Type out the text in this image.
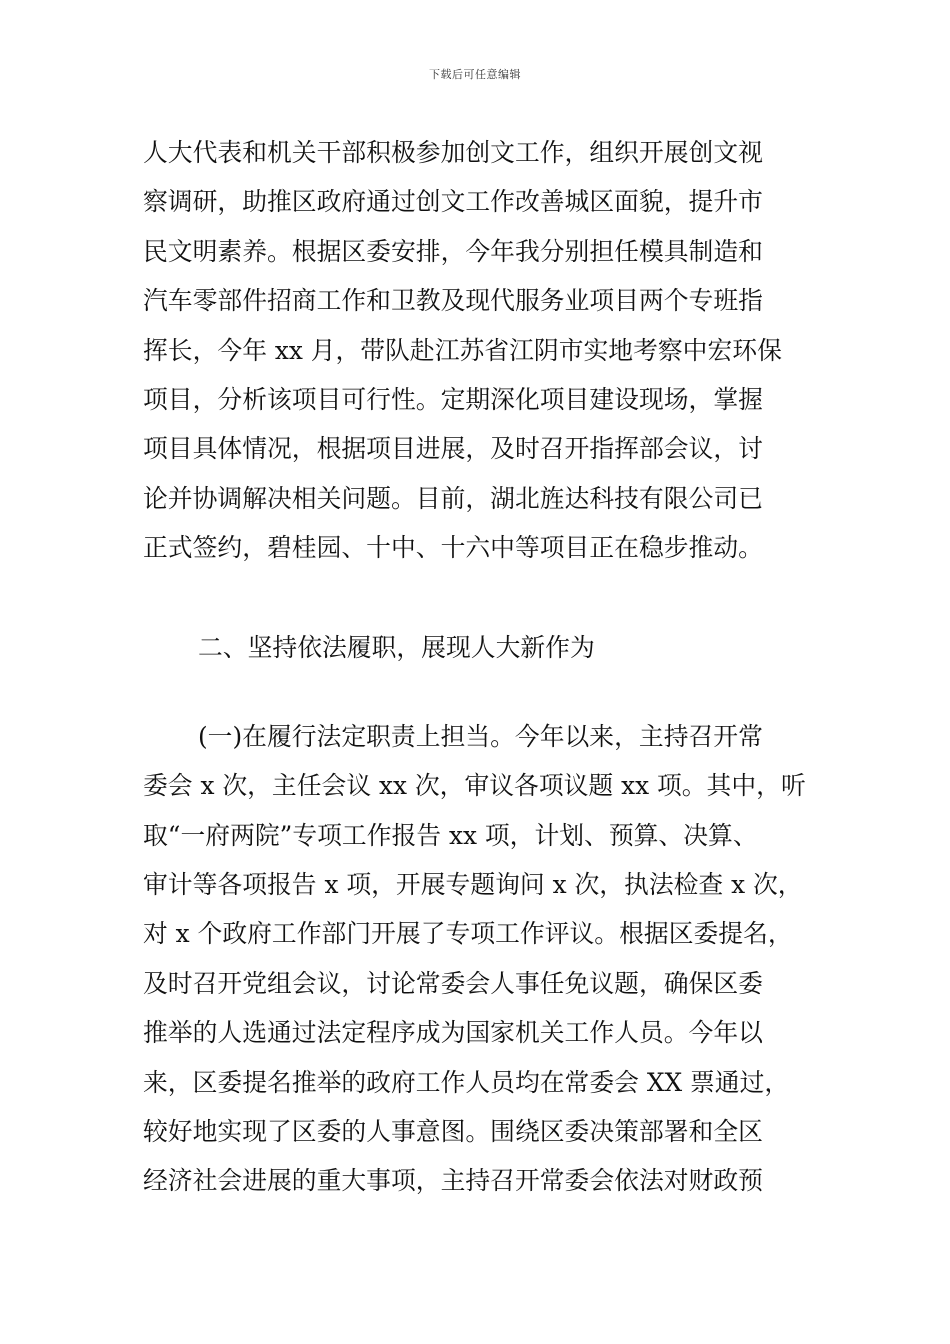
下载后可任意编辑
人大代表和机关干部积极参加创文工作，组织开展创文视
察调研，助推区政府通过创文工作改善城区面貌，提升市
民文明素养。根据区委安排，今年我分别担任模具制造和
汽车零部件招商工作和卫教及现代服务业项目两个专班指
挥长，今年 xx 月，带队赴江苏省江阴市实地考察中宏环保
项目，分析该项目可行性。定期深化项目建设现场，掌握
项目具体情况，根据项目进展，及时召开指挥部会议，讨
论并协调解决相关问题。目前，湖北旌达科技有限公司已
正式签约，碧桂园、十中、十六中等项目正在稳步推动。
二、坚持依法履职，展现人大新作为
(一)在履行法定职责上担当。今年以来，主持召开常
委会 x 次，主任会议 xx 次，审议各项议题 xx 项。其中，听
取“一府两院”专项工作报告 xx 项，计划、预算、决算、
审计等各项报告 x 项，开展专题询问 x 次，执法检查 x 次，
对 x 个政府工作部门开展了专项工作评议。根据区委提名，
及时召开党组会议，讨论常委会人事任免议题，确保区委
推举的人选通过法定程序成为国家机关工作人员。今年以
来，区委提名推举的政府工作人员均在常委会 XX 票通过，
较好地实现了区委的人事意图。围绕区委决策部署和全区
经济社会进展的重大事项，主持召开常委会依法对财政预
